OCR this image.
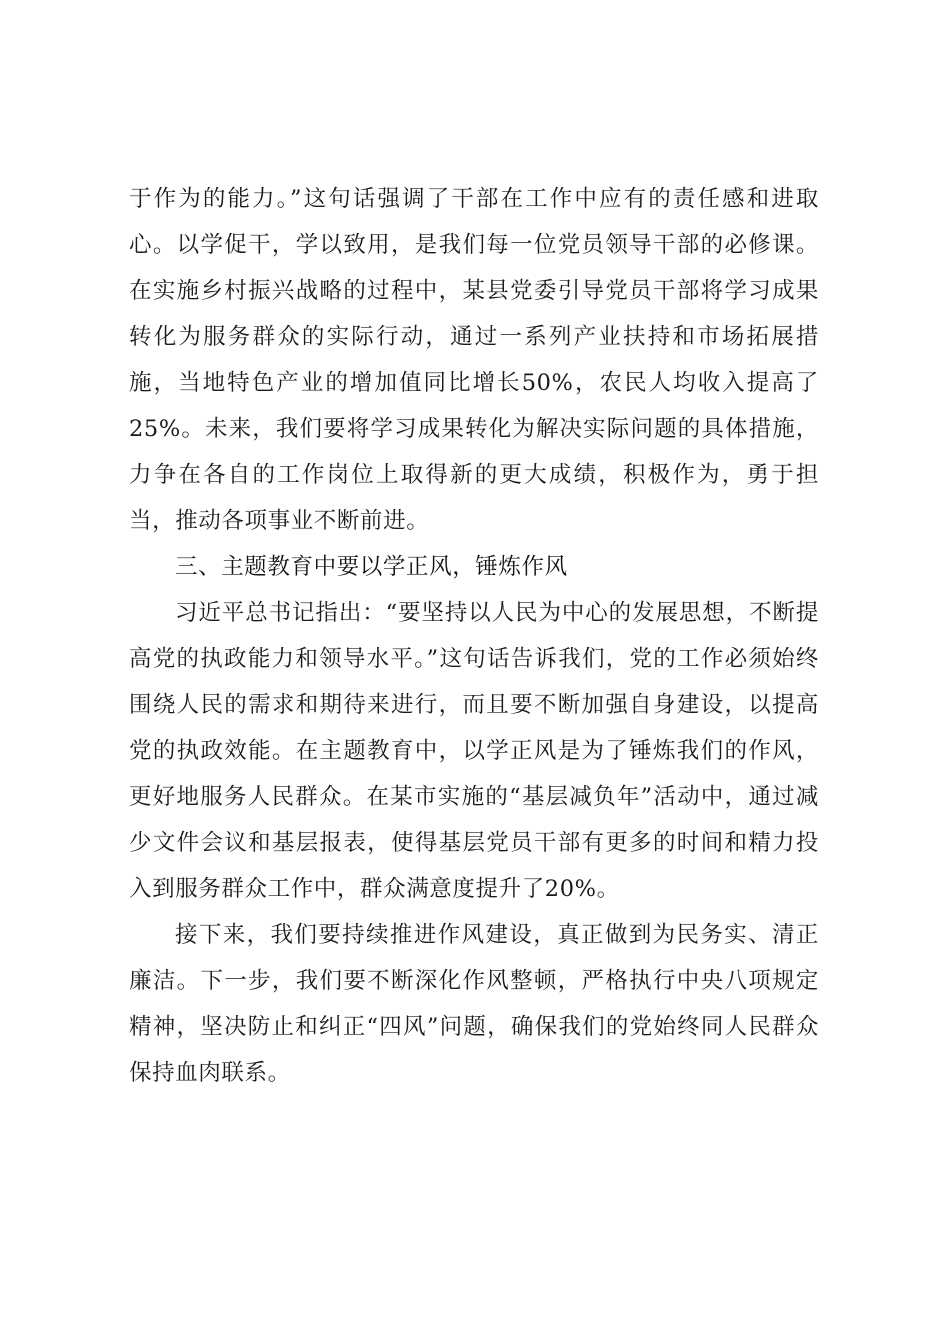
于作为的能力。”这句话强调了干部在工作中应有的责任感和进取心。以学促干，学以致用，是我们每一位党员领导干部的必修课。在实施乡村振兴战略的过程中，某县党委引导党员干部将学习成果转化为服务群众的实际行动，通过一系列产业扶持和市场拓展措施，当地特色产业的增加值同比增长50%，农民人均收入提高了25%。未来，我们要将学习成果转化为解决实际问题的具体措施，力争在各自的工作岗位上取得新的更大成绩，积极作为，勇于担当，推动各项事业不断前进。

三、主题教育中要以学正风，锤炼作风

习近平总书记指出：“要坚持以人民为中心的发展思想，不断提高党的执政能力和领导水平。”这句话告诉我们，党的工作必须始终围绕人民的需求和期待来进行，而且要不断加强自身建设，以提高党的执政效能。在主题教育中，以学正风是为了锤炼我们的作风，更好地服务人民群众。在某市实施的“基层减负年”活动中，通过减少文件会议和基层报表，使得基层党员干部有更多的时间和精力投入到服务群众工作中，群众满意度提升了20%。

接下来，我们要持续推进作风建设，真正做到为民务实、清正廉洁。下一步，我们要不断深化作风整顿，严格执行中央八项规定精神，坚决防止和纠正“四风”问题，确保我们的党始终同人民群众保持血肉联系。
